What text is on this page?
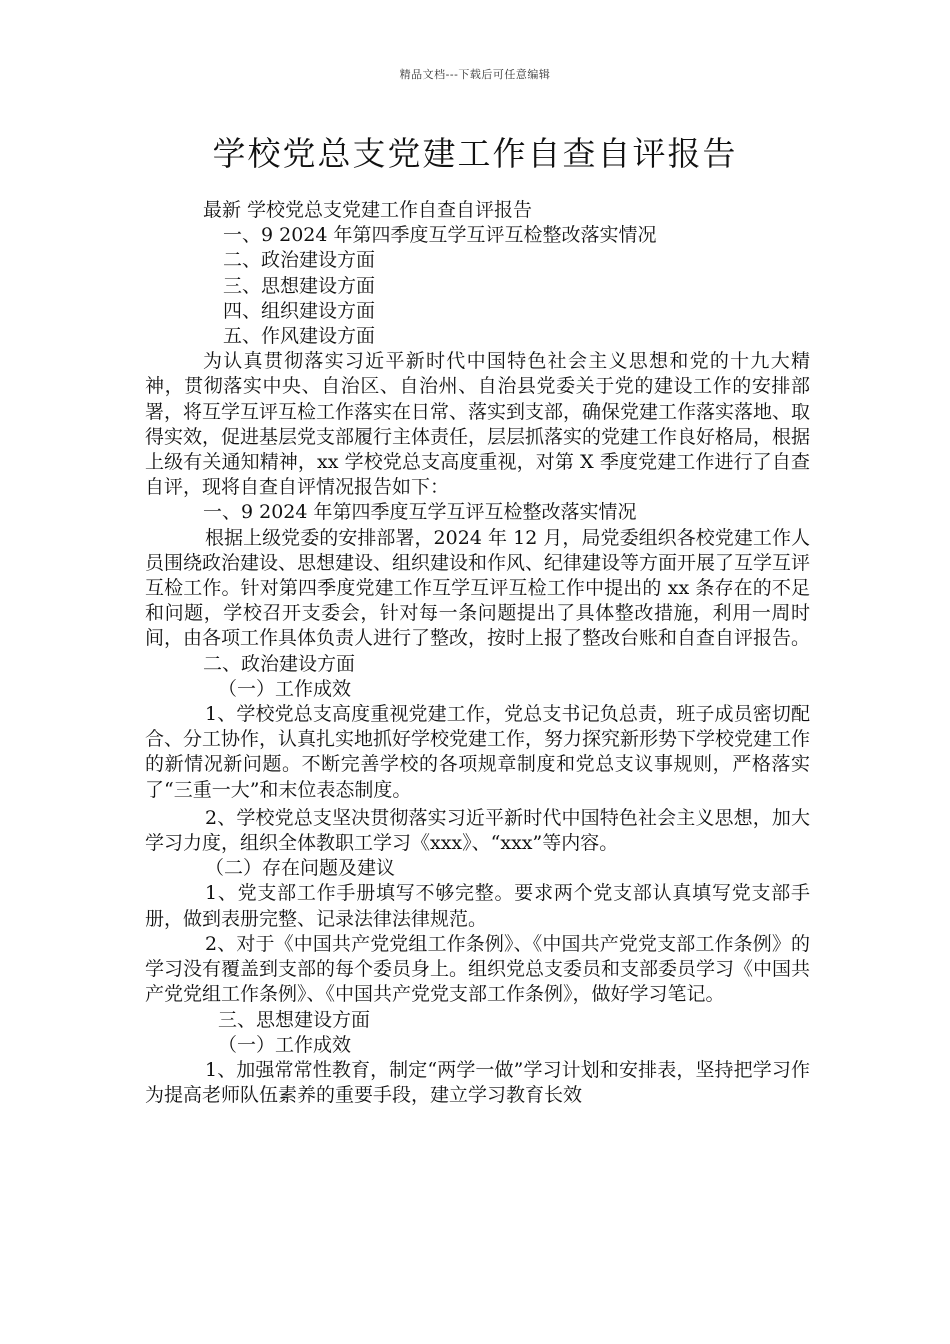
精品文档---下载后可任意编辑
学校党总支党建工作自查自评报告

最新 学校党总支党建工作自查自评报告

一、9 2024 年第四季度互学互评互检整改落实情况

二、政治建设方面

三、思想建设方面

四、组织建设方面

五、作风建设方面

为认真贯彻落实习近平新时代中国特色社会主义思想和党的十九大精神，贯彻落实中央、自治区、自治州、自治县党委关于党的建设工作的安排部署，将互学互评互检工作落实在日常、落实到支部，确保党建工作落实落地、取得实效，促进基层党支部履行主体责任，层层抓落实的党建工作良好格局，根据上级有关通知精神，xx 学校党总支高度重视，对第 X 季度党建工作进行了自查自评，现将自查自评情况报告如下：

一、9 2024 年第四季度互学互评互检整改落实情况

根据上级党委的安排部署，2024 年 12 月，局党委组织各校党建工作人员围绕政治建设、思想建设、组织建设和作风、纪律建设等方面开展了互学互评互检工作。针对第四季度党建工作互学互评互检工作中提出的 xx 条存在的不足和问题，学校召开支委会，针对每一条问题提出了具体整改措施，利用一周时间，由各项工作具体负责人进行了整改，按时上报了整改台账和自查自评报告。

二、政治建设方面

（一）工作成效

1、学校党总支高度重视党建工作，党总支书记负总责，班子成员密切配合、分工协作，认真扎实地抓好学校党建工作，努力探究新形势下学校党建工作的新情况新问题。不断完善学校的各项规章制度和党总支议事规则，严格落实了“三重一大”和末位表态制度。

2、学校党总支坚决贯彻落实习近平新时代中国特色社会主义思想，加大学习力度，组织全体教职工学习《xxx》、“xxx”等内容。

（二）存在问题及建议

1、党支部工作手册填写不够完整。要求两个党支部认真填写党支部手册，做到表册完整、记录法律法律规范。

2、对于《中国共产党党组工作条例》、《中国共产党党支部工作条例》的学习没有覆盖到支部的每个委员身上。组织党总支委员和支部委员学习《中国共产党党组工作条例》、《中国共产党党支部工作条例》，做好学习笔记。

三、思想建设方面

（一）工作成效

1、加强常常性教育，制定“两学一做”学习计划和安排表，坚持把学习作为提高老师队伍素养的重要手段，建立学习教育长效
